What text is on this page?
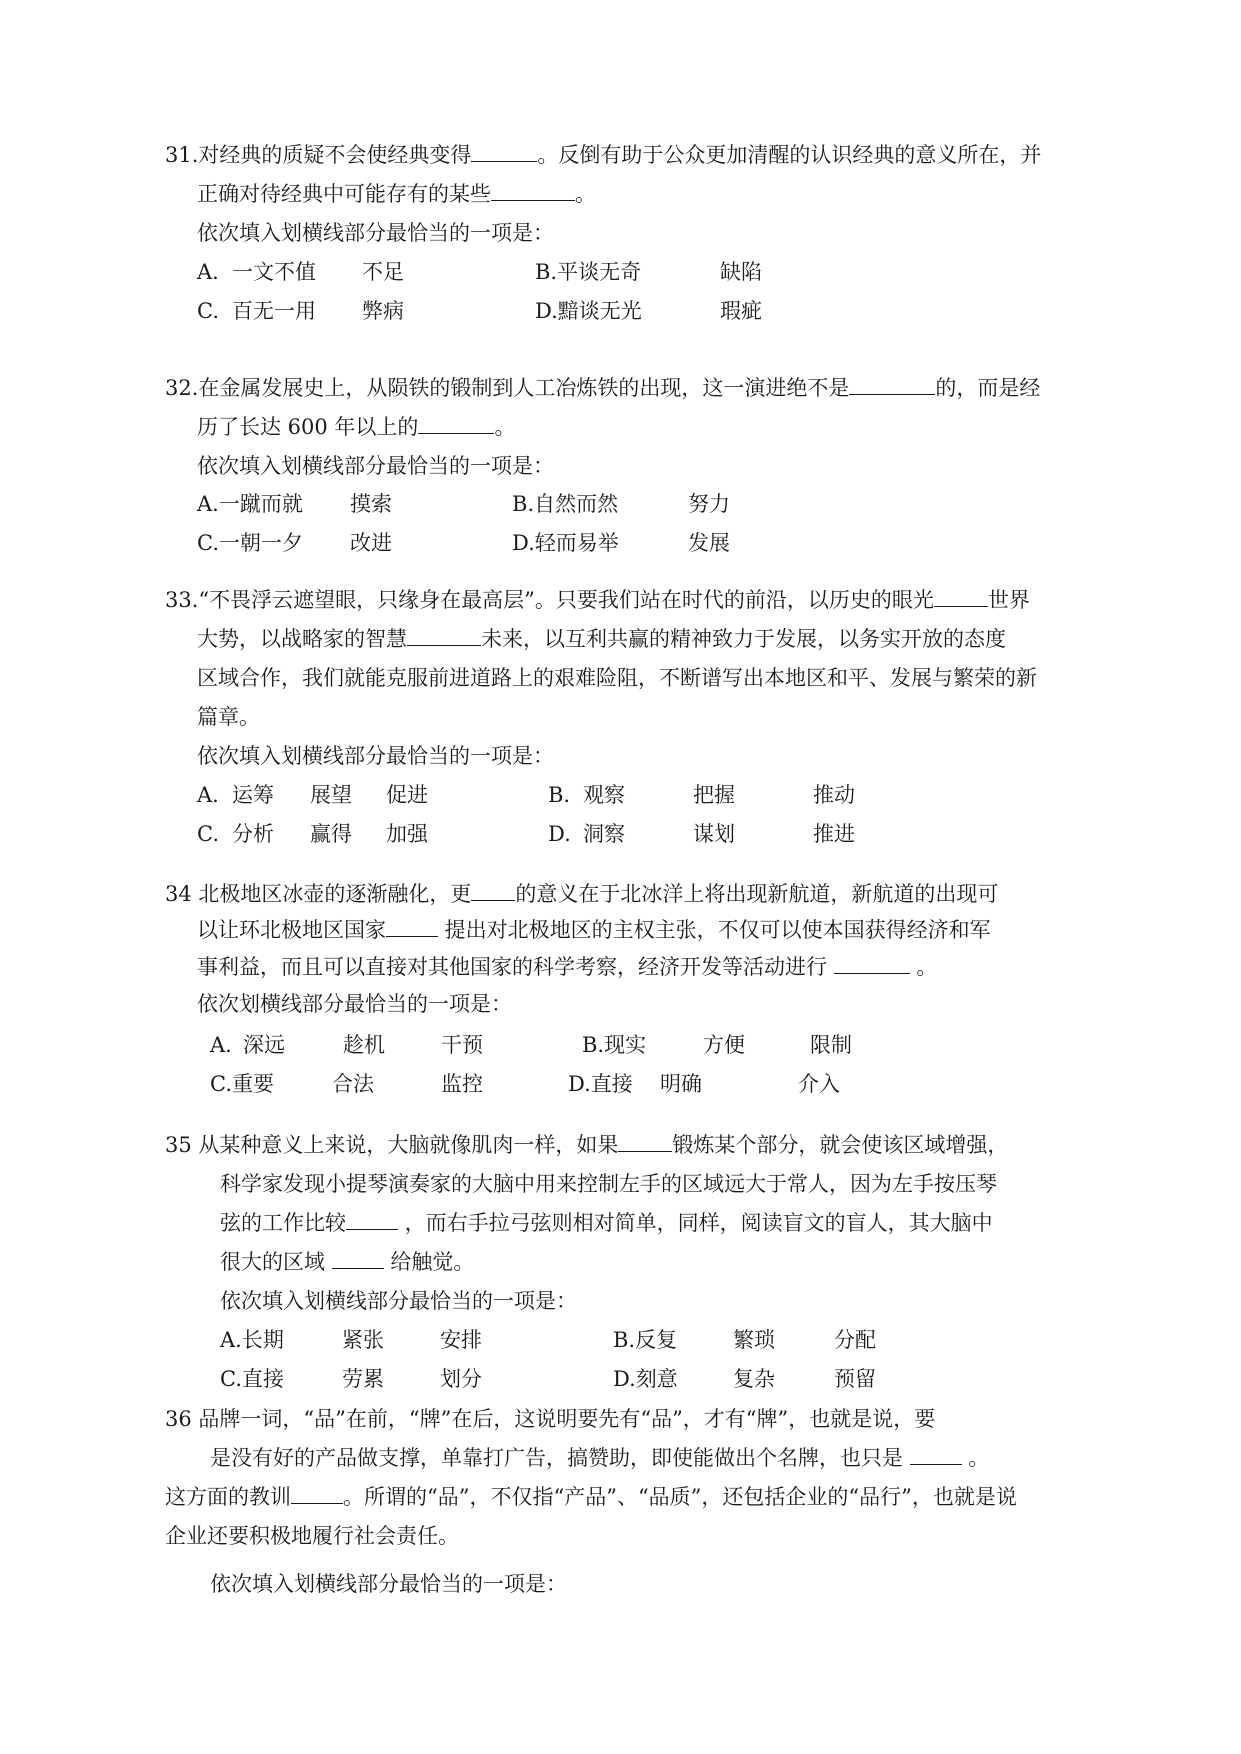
31.对经典的质疑不会使经典变得	。反倒有助于公众更加清醒的认识经典的意义所在，并
正确对待经典中可能存有的某些	。
依次填入划横线部分最恰当的一项是：
A. 一文不值 不足	B.平谈无奇	缺陷
C. 百无一用 弊病	D.黯谈无光	瑕疵
32.在金属发展史上，从陨铁的锻制到人工冶炼铁的出现，这一演进绝不是	的，而是经
历了长达 600 年以上的	。
依次填入划横线部分最恰当的一项是：
A.一蹴而就 摸索	B.自然而然	努力
C.一朝一夕 改进	D.轻而易举	发展
33.“不畏浮云遮望眼，只缘身在最高层”。只要我们站在时代的前沿，以历史的眼光	世界
大势，以战略家的智慧	未来，以互利共赢的精神致力于发展，以务实开放的态度
区域合作，我们就能克服前进道路上的艰难险阻，不断谱写出本地区和平、发展与繁荣的新
篇章。
依次填入划横线部分最恰当的一项是：
A. 运筹 展望 促进	B. 观察	把握	推动
C. 分析 赢得 加强	D. 洞察	谋划	推进
34 北极地区冰壶的逐渐融化，更 的意义在于北冰洋上将出现新航道，新航道的出现可
以让环北极地区国家 提出对北极地区的主权主张，不仅可以使本国获得经济和军
事利益，而且可以直接对其他国家的科学考察，经济开发等活动进行	。
依次划横线部分最恰当的一项是：
A. 深远	趁机	干预	B.现实	方便	限制
C.重要	合法	监控	D.直接 明确	介入
35 从某种意义上来说，大脑就像肌肉一样，如果	锻炼某个部分，就会使该区域增强，
科学家发现小提琴演奏家的大脑中用来控制左手的区域远大于常人，因为左手按压琴
弦的工作比较 ，而右手拉弓弦则相对简单，同样，阅读盲文的盲人，其大脑中
很大的区域  给触觉。
依次填入划横线部分最恰当的一项是：
A.长期	紧张	安排	B.反复	繁琐	分配
C.直接	劳累	划分	D.刻意	复杂	预留
36 品牌一词，“品”在前，“牌”在后，这说明要先有“品”，才有“牌”，也就是说，要
是没有好的产品做支撑，单靠打广告，搞赞助，即使能做出个名牌，也只是  。
这方面的教训 。所谓的“品”，不仅指“产品”、“品质”，还包括企业的“品行”，也就是说
企业还要积极地履行社会责任。
依次填入划横线部分最恰当的一项是：
